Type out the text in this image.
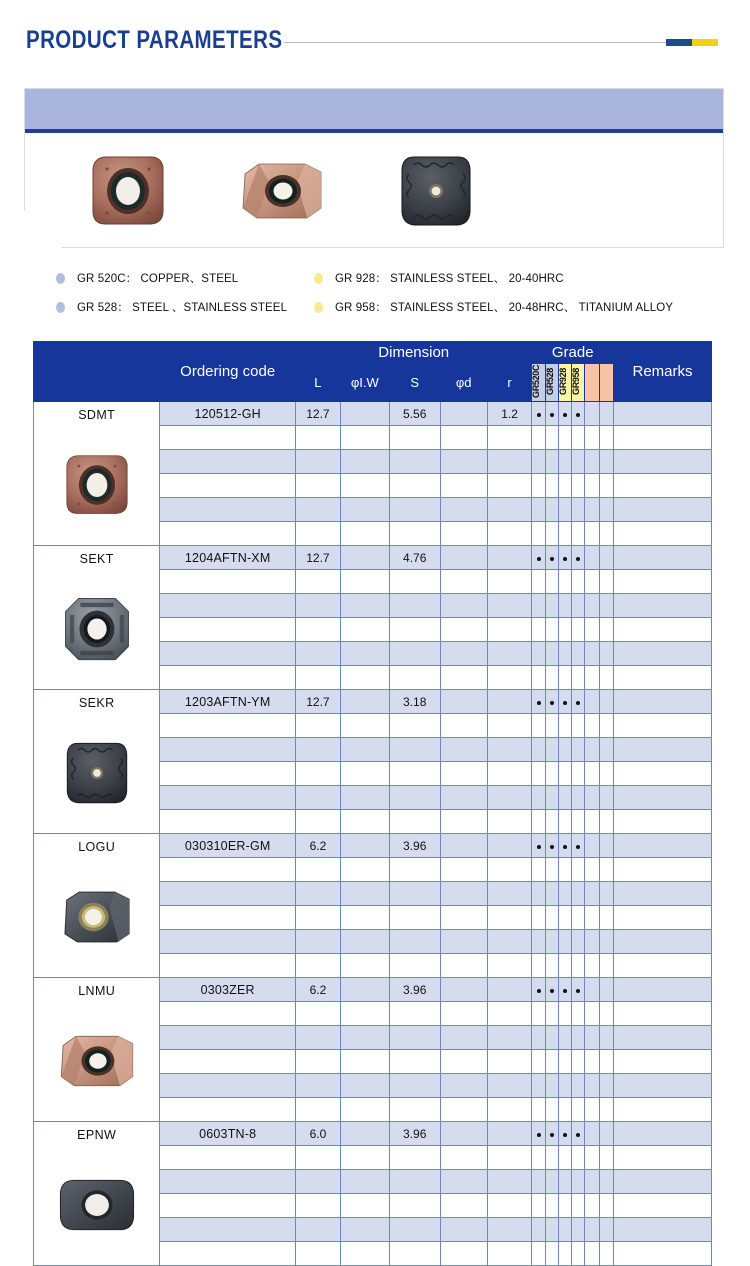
PRODUCT PARAMETERS
GR 520C： COPPER、STEEL	GR 928： STAINLESS STEEL、 20-40HRC
GR 528： STEEL 、STAINLESS STEEL	GR 958： STAINLESS STEEL、 20-48HRC、 TITANIUM ALLOY
	Ordering code	Dimension					Grade						Remarks
		L	φI.W	S	φd	r	GR520C	GR528	GR928	GR958			

SDMT	120512-GH	12.7		5.56		1.2							

SEKT	1204AFTN-XM	12.7		4.76									

SEKR	1203AFTN-YM	12.7		3.18									

LOGU	030310ER-GM	6.2		3.96									

LNMU	0303ZER	6.2		3.96									

EPNW	0603TN-8	6.0		3.96									
